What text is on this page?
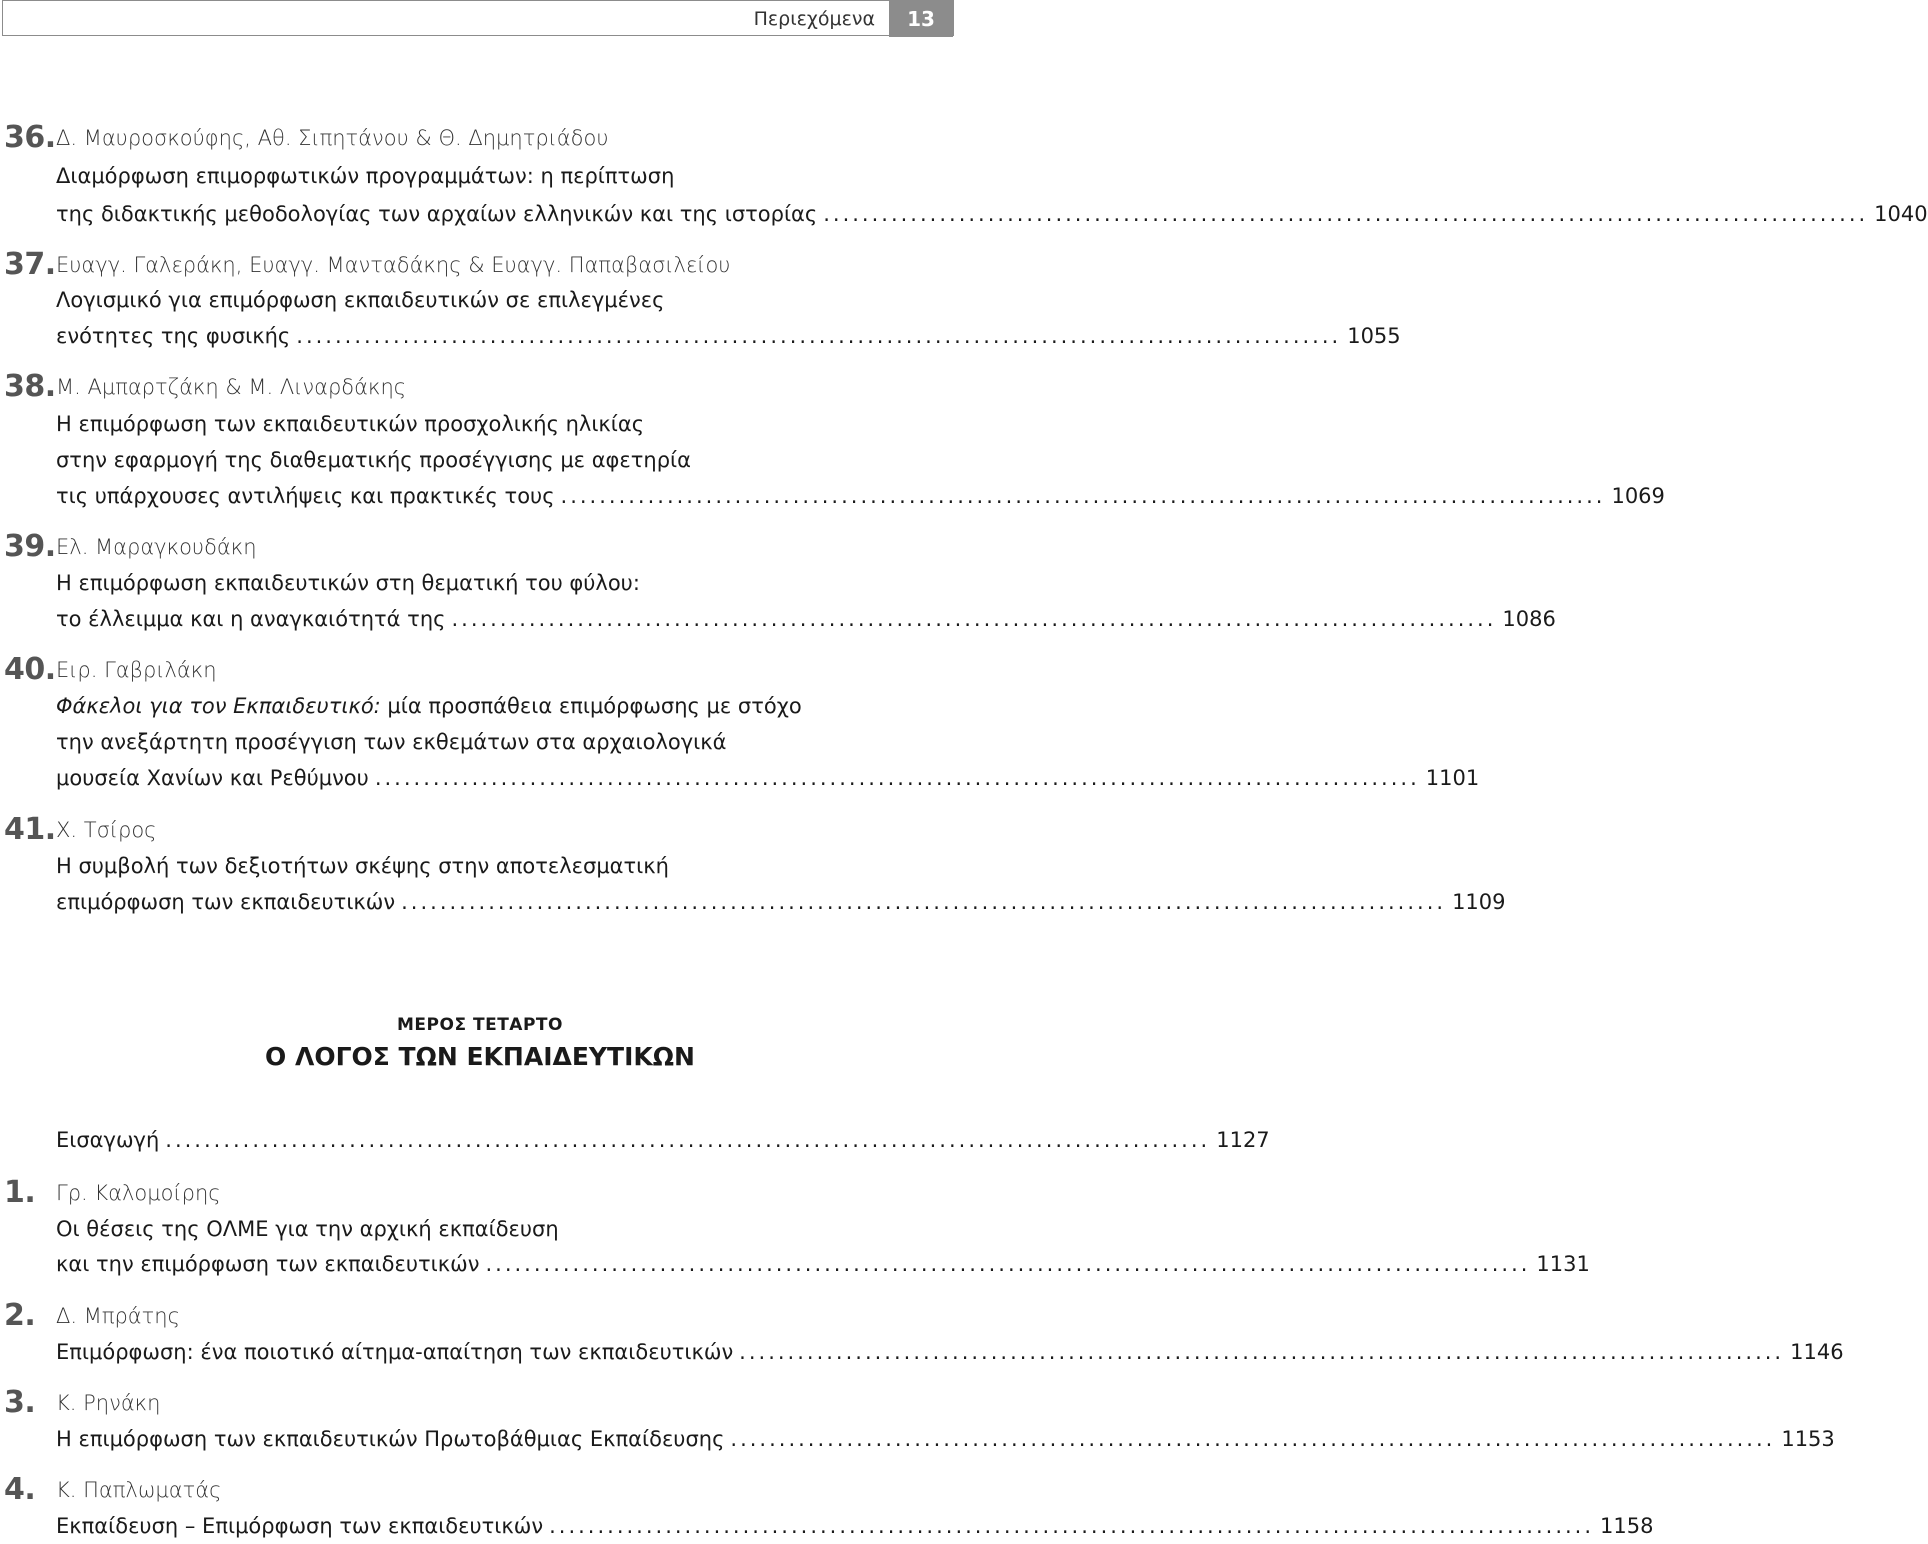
Περιεχόμενα	13
36. Δ. Μαυροσκούφης, Αθ. Σιπητάνου & Θ. Δημητριάδου
Διαμόρφωση επιμορφωτικών προγραμμάτων: η περίπτωση
της διδακτικής μεθοδολογίας των αρχαίων ελληνικών και της ιστορίας ............................................................................................................ 1040
37. Ευαγγ. Γαλεράκη, Ευαγγ. Μανταδάκης & Ευαγγ. Παπαβασιλείου
Λογισμικό για επιμόρφωση εκπαιδευτικών σε επιλεγμένες
ενότητες της φυσικής ............................................................................................................ 1055
38. Μ. Αμπαρτζάκη & Μ. Λιναρδάκης
Η επιμόρφωση των εκπαιδευτικών προσχολικής ηλικίας
στην εφαρμογή της διαθεματικής προσέγγισης με αφετηρία
τις υπάρχουσες αντιλήψεις και πρακτικές τους ............................................................................................................ 1069
39. Ελ. Μαραγκουδάκη
Η επιμόρφωση εκπαιδευτικών στη θεματική του φύλου:
το έλλειμμα και η αναγκαιότητά της ............................................................................................................ 1086
40. Ειρ. Γαβριλάκη
Φάκελοι για τον Εκπαιδευτικό: μία προσπάθεια επιμόρφωσης με στόχο
την ανεξάρτητη προσέγγιση των εκθεμάτων στα αρχαιολογικά
μουσεία Χανίων και Ρεθύμνου ............................................................................................................ 1101
41. Χ. Τσίρος
Η συμβολή των δεξιοτήτων σκέψης στην αποτελεσματική
επιμόρφωση των εκπαιδευτικών ............................................................................................................ 1109
ΜΕΡΟΣ ΤΕΤΑΡΤΟ
Ο ΛΟΓΟΣ ΤΩΝ ΕΚΠΑΙΔΕΥΤΙΚΩΝ
Εισαγωγή ............................................................................................................ 1127
1. Γρ. Καλομοίρης
Οι θέσεις της ΟΛΜΕ για την αρχική εκπαίδευση
και την επιμόρφωση των εκπαιδευτικών ............................................................................................................ 1131
2. Δ. Μπράτης
Επιμόρφωση: ένα ποιοτικό αίτημα-απαίτηση των εκπαιδευτικών ............................................................................................................ 1146
3. Κ. Ρηνάκη
Η επιμόρφωση των εκπαιδευτικών Πρωτοβάθμιας Εκπαίδευσης ............................................................................................................ 1153
4. Κ. Παπλωματάς
Εκπαίδευση – Επιμόρφωση των εκπαιδευτικών ............................................................................................................ 1158
